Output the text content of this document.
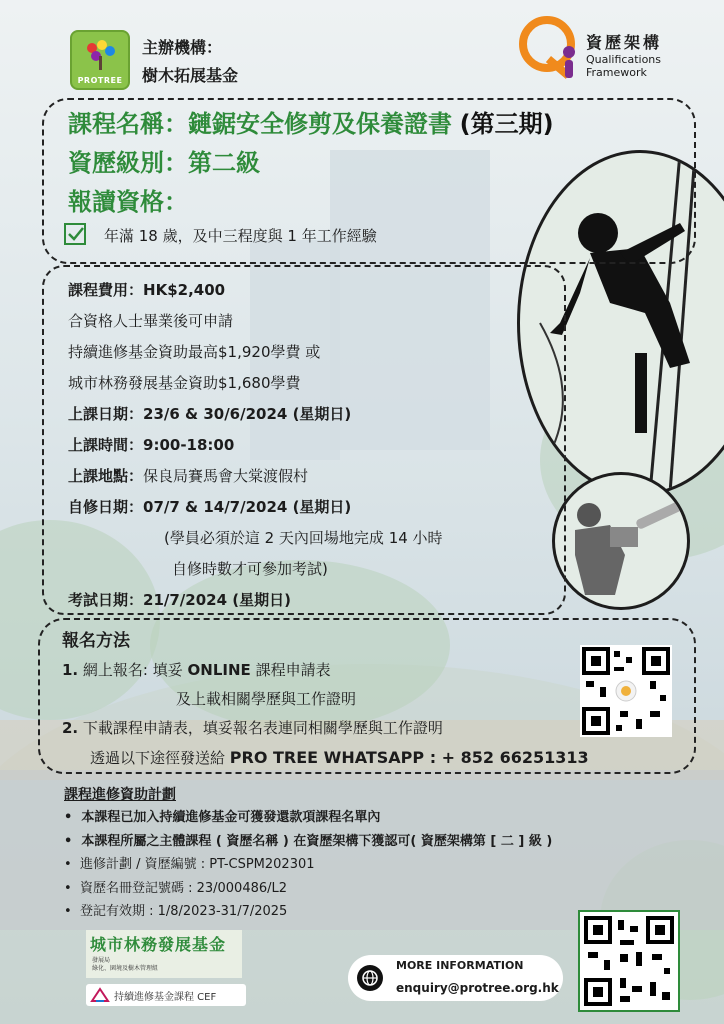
PROTREE
主辦機構：
樹木拓展基金
資歷架構
Qualifications
Framework
課程名稱：鏈鋸安全修剪及保養證書 (第三期)
資歷級別：第二級
報讀資格：
年滿 18 歲，及中三程度與 1 年工作經驗
課程費用：HK$2,400
合資格人士畢業後可申請
持續進修基金資助最高$1,920學費 或
城市林務發展基金資助$1,680學費
上課日期：23/6 & 30/6/2024 (星期日)
上課時間：9:00-18:00
上課地點：保良局賽馬會大棠渡假村
自修日期：07/7 & 14/7/2024 (星期日)
(學員必須於這 2 天內回場地完成 14 小時
自修時數才可參加考試)
考試日期：21/7/2024 (星期日)
報名方法
1. 網上報名: 填妥 ONLINE 課程申請表
及上載相關學歷與工作證明
2. 下載課程申請表，填妥報名表連同相關學歷與工作證明
透過以下途徑發送給 PRO TREE WHATSAPP : + 852 66251313
課程進修資助計劃
•  本課程已加入持續進修基金可獲發還款項課程名單內
•  本課程所屬之主體課程 ( 資歷名稱 ) 在資歷架構下獲認可( 資歷架構第 [ 二 ] 級 )
•  進修計劃 / 資歷編號 : PT-CSPM202301
•  資歷名冊登記號碼 : 23/000486/L2
•  登記有效期 : 1/8/2023-31/7/2025
城市林務發展基金
發展局
綠化、園境及樹木管理組
持續進修基金課程 CEF
MORE INFORMATION
enquiry@protree.org.hk
